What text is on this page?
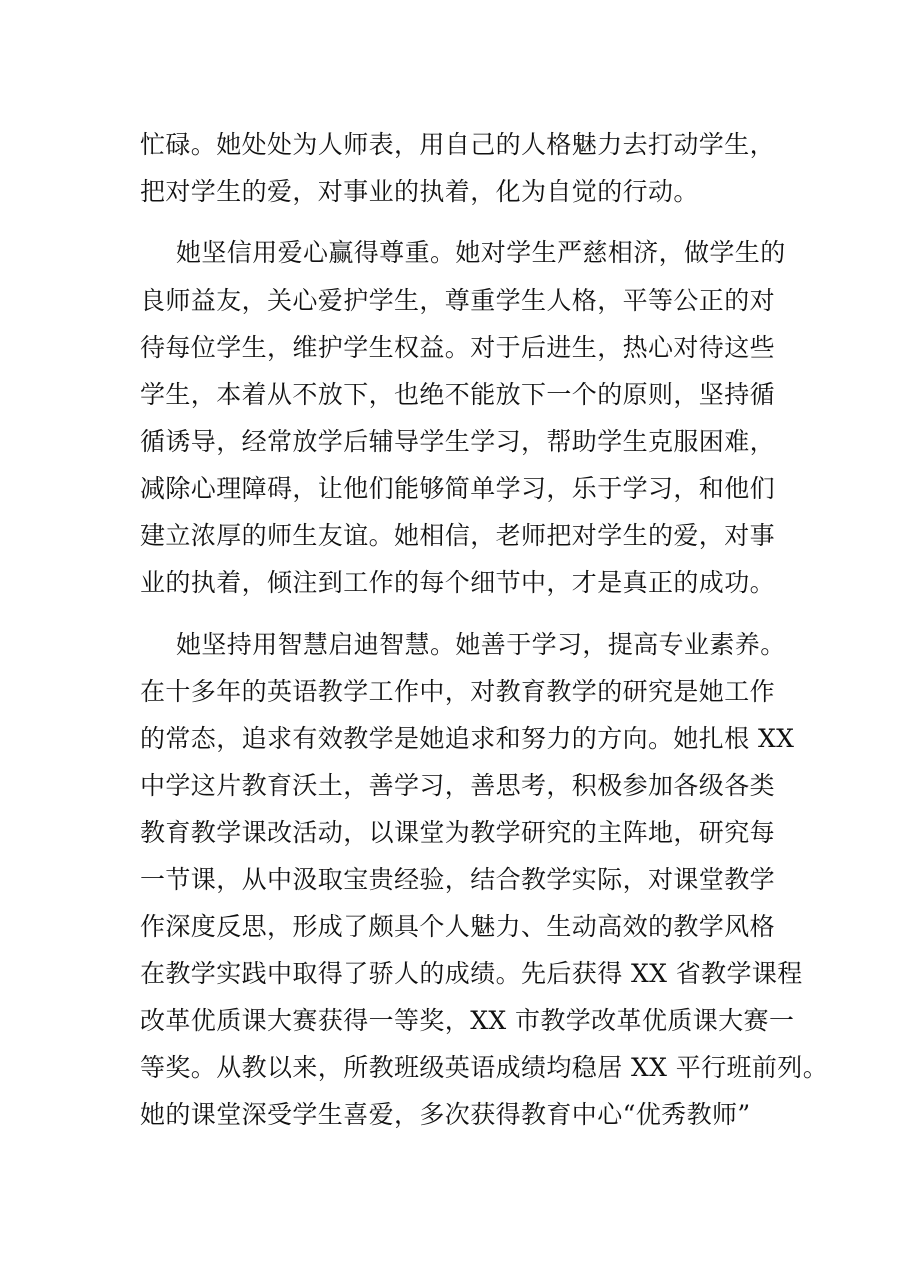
忙碌。她处处为人师表，用自己的人格魅力去打动学生，
把对学生的爱，对事业的执着，化为自觉的行动。
她坚信用爱心赢得尊重。她对学生严慈相济，做学生的
良师益友，关心爱护学生，尊重学生人格，平等公正的对
待每位学生，维护学生权益。对于后进生，热心对待这些
学生，本着从不放下，也绝不能放下一个的原则，坚持循
循诱导，经常放学后辅导学生学习，帮助学生克服困难，
减除心理障碍，让他们能够简单学习，乐于学习，和他们
建立浓厚的师生友谊。她相信，老师把对学生的爱，对事
业的执着，倾注到工作的每个细节中，才是真正的成功。
她坚持用智慧启迪智慧。她善于学习，提高专业素养。
在十多年的英语教学工作中，对教育教学的研究是她工作
的常态，追求有效教学是她追求和努力的方向。她扎根 XX
中学这片教育沃土，善学习，善思考，积极参加各级各类
教育教学课改活动，以课堂为教学研究的主阵地，研究每
一节课，从中汲取宝贵经验，结合教学实际，对课堂教学
作深度反思，形成了颇具个人魅力、生动高效的教学风格
在教学实践中取得了骄人的成绩。先后获得 XX 省教学课程
改革优质课大赛获得一等奖，XX 市教学改革优质课大赛一
等奖。从教以来，所教班级英语成绩均稳居 XX 平行班前列。
她的课堂深受学生喜爱，多次获得教育中心“优秀教师”
